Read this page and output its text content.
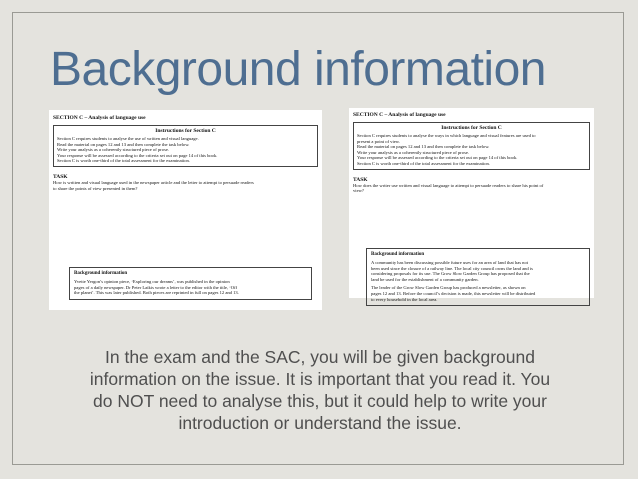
Background information
SECTION C – Analysis of language use
Instructions for Section C
Section C requires students to analyse the use of written and visual language.
Read the material on pages 12 and 13 and then complete the task below.
Write your analysis as a coherently structured piece of prose.
Your response will be assessed according to the criteria set out on page 14 of this book.
Section C is worth one-third of the total assessment for the examination.
TASK
How is written and visual language used in the newspaper article and the letter to attempt to persuade readers
to share the points of view presented in them?
Background information
Yvette Yergon’s opinion piece, ‘Exploring our dreams’, was published in the opinion
pages of a daily newspaper. Dr Peter Laikis wrote a letter to the editor with the title, ‘Off
the planet’. This was later published. Both pieces are reprinted in full on pages 12 and 13.
SECTION C – Analysis of language use
Instructions for Section C
Section C requires students to analyse the ways in which language and visual features are used to
present a point of view.
Read the material on pages 12 and 13 and then complete the task below.
Write your analysis as a coherently structured piece of prose.
Your response will be assessed according to the criteria set out on page 14 of this book.
Section C is worth one-third of the total assessment for the examination.
TASK
How does the writer use written and visual language to attempt to persuade readers to share his point of
view?
Background information
A community has been discussing possible future uses for an area of land that has not
been used since the closure of a railway line. The local city council owns the land and is
considering proposals for its use. The Grow Slow Garden Group has proposed that the
land be used for the establishment of a community garden.
The leader of the Grow Slow Garden Group has produced a newsletter, as shown on
pages 12 and 13. Before the council’s decision is made, this newsletter will be distributed
to every household in the local area.
In the exam and the SAC, you will be given background
information on the issue. It is important that you read it. You
do NOT need to analyse this, but it could help to write your
introduction or understand the issue.
